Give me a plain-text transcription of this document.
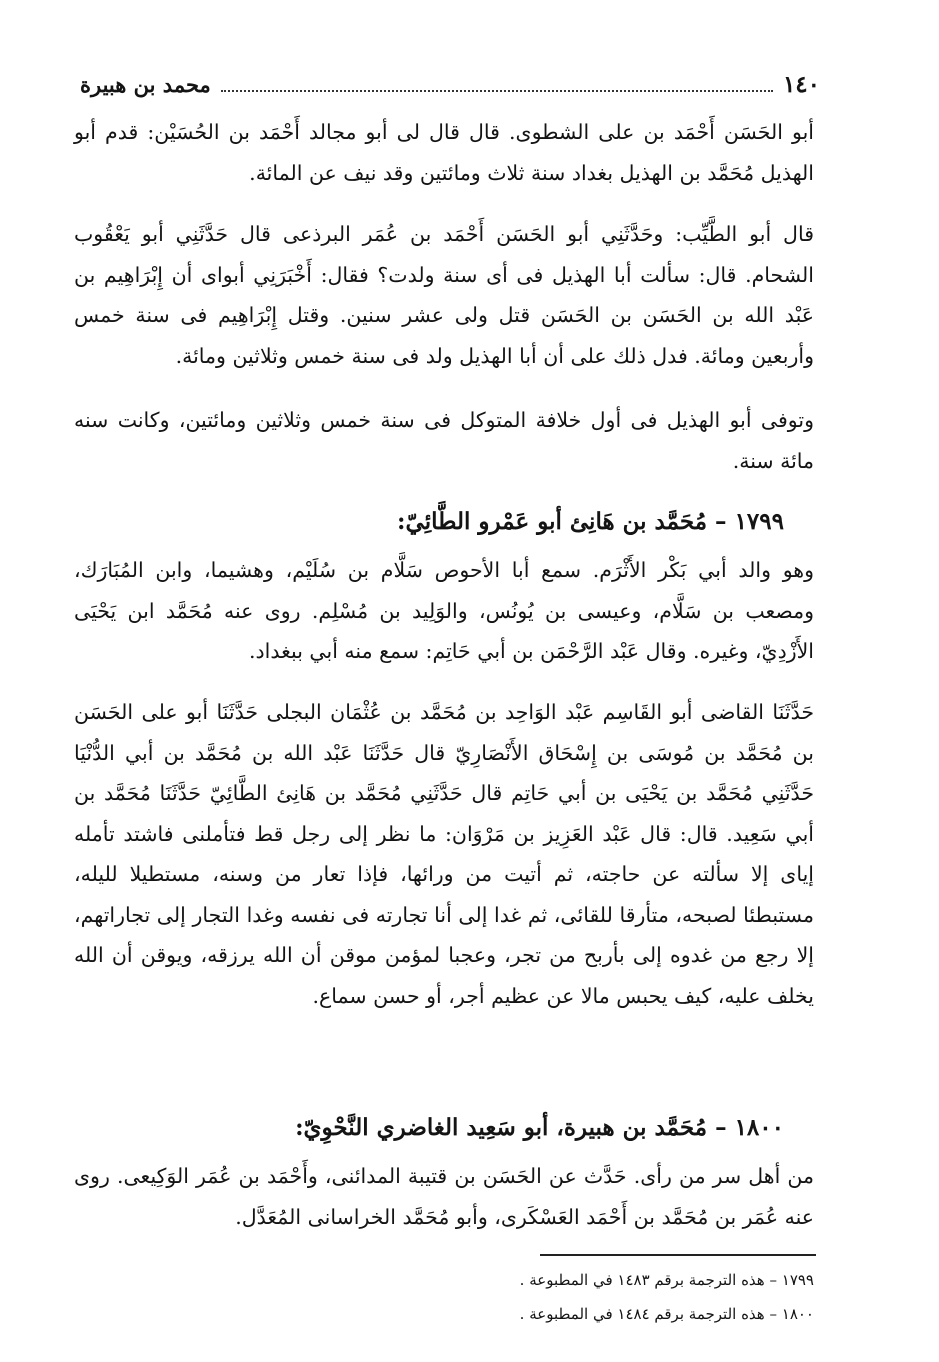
١٤٠
محمد بن هبيرة

أبو الحَسَن أَحْمَد بن على الشطوى. قال قال لى أبو مجالد أَحْمَد بن الحُسَيْن: قدم أبو الهذيل مُحَمَّد بن الهذيل بغداد سنة ثلاث ومائتين وقد نيف عن المائة.

قال أبو الطَّيِّب: وحَدَّثَنِي أبو الحَسَن أَحْمَد بن عُمَر البرذعى قال حَدَّثَنِي أبو يَعْقُوب الشحام. قال: سألت أبا الهذيل فى أى سنة ولدت؟ فقال: أَخْبَرَنِي أبواى أن إِبْرَاهِيم بن عَبْد الله بن الحَسَن بن الحَسَن قتل ولى عشر سنين. وقتل إِبْرَاهِيم فى سنة خمس وأربعين ومائة. فدل ذلك على أن أبا الهذيل ولد فى سنة خمس وثلاثين ومائة.

وتوفى أبو الهذيل فى أول خلافة المتوكل فى سنة خمس وثلاثين ومائتين، وكانت سنه مائة سنة.

١٧٩٩ – مُحَمَّد بن هَانِئ أبو عَمْرو الطَّائِيّ:

وهو والد أبي بَكْر الأَثْرَم. سمع أبا الأحوص سَلَّام بن سُلَيْم، وهشيما، وابن المُبَارَك، ومصعب بن سَلَّام، وعيسى بن يُونُس، والوَلِيد بن مُسْلِم. روى عنه مُحَمَّد ابن يَحْيَى الأَزْدِيّ، وغيره. وقال عَبْد الرَّحْمَن بن أبي حَاتِم: سمع منه أبي ببغداد.

حَدَّثَنَا القاضى أبو القَاسِم عَبْد الوَاحِد بن مُحَمَّد بن عُثْمَان البجلى حَدَّثَنَا أبو على الحَسَن بن مُحَمَّد بن مُوسَى بن إِسْحَاق الأَنْصَارِيّ قال حَدَّثَنَا عَبْد الله بن مُحَمَّد بن أبي الدُّنْيَا حَدَّثَنِي مُحَمَّد بن يَحْيَى بن أبي حَاتِم قال حَدَّثَنِي مُحَمَّد بن هَانِئ الطَّائِيّ حَدَّثَنَا مُحَمَّد بن أبي سَعِيد. قال: قال عَبْد العَزِيز بن مَرْوَان: ما نظر إلى رجل قط فتأملنى فاشتد تأمله إياى إلا سألته عن حاجته، ثم أتيت من ورائها، فإذا تعار من وسنه، مستطيلا لليله، مستبطئا لصبحه، متأرقا للقائى، ثم غدا إلى أنا تجارته فى نفسه وغدا التجار إلى تجاراتهم، إلا رجع من غدوه إلى بأربح من تجر، وعجبا لمؤمن موقن أن الله يرزقه، ويوقن أن الله يخلف عليه، كيف يحبس مالا عن عظيم أجر، أو حسن سماع.

١٨٠٠ – مُحَمَّد بن هبيرة، أبو سَعِيد الغاضري النَّحْوِيّ:

من أهل سر من رأى. حَدَّث عن الحَسَن بن قتيبة المدائنى، وأَحْمَد بن عُمَر الوَكِيعى. روى عنه عُمَر بن مُحَمَّد بن أَحْمَد العَسْكَرى، وأبو مُحَمَّد الخراسانى المُعَدَّل.

١٧٩٩ – هذه الترجمة برقم ١٤٨٣ في المطبوعة .

١٨٠٠ – هذه الترجمة برقم ١٤٨٤ في المطبوعة .
